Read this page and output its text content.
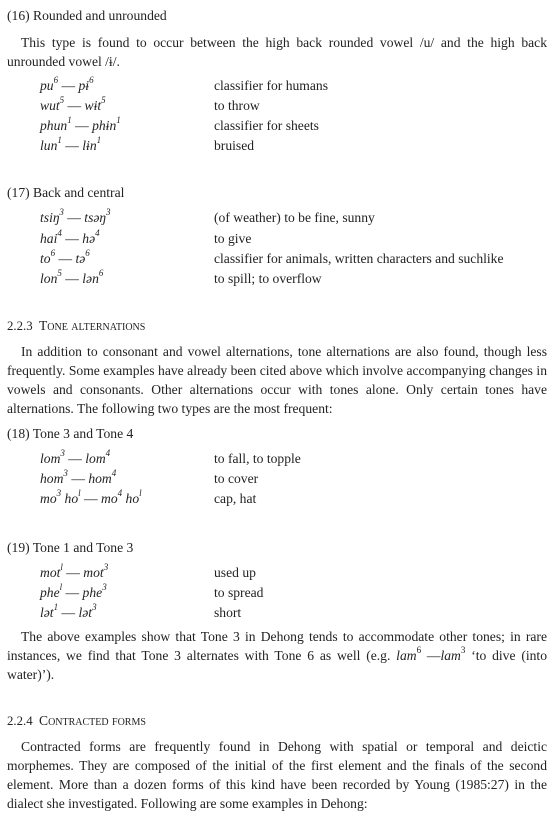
(16) Rounded and unrounded
This type is found to occur between the high back rounded vowel /u/ and the high back unrounded vowel /ɨ/.
$pu^6$ — pɨ$^6$	classifier for humans
wut$^5$ — wɨt$^5$	to throw
phun$^1$ — phɨn$^1$	classifier for sheets
lun$^1$ — lɨn$^1$	bruised
(17) Back and central
tsiŋ$^3$ — tsəŋ$^3$	(of weather) to be fine, sunny
hai$^4$ — hə$^4$	to give
$to^6$ — tə$^6$	classifier for animals, written characters and suchlike
lon$^5$ — lən$^6$	to spill; to overflow
2.2.3 Tone alternations
In addition to consonant and vowel alternations, tone alternations are also found, though less frequently. Some examples have already been cited above which involve accompanying changes in vowels and consonants. Other alternations occur with tones alone. Only certain tones have alternations. The following two types are the most frequent:
(18) Tone 3 and Tone 4
lom$^3$ — lom$^4$	to fall, to topple
hom$^3$ — hom$^4$	to cover
$mo^3$ $ho^l$ — $mo^4$ $ho^l$	cap, hat
(19) Tone 1 and Tone 3
mot$^l$ — mot$^3$	used up
phe$^l$ — phe$^3$	to spread
lət$^1$ — lət$^3$	short
The above examples show that Tone 3 in Dehong tends to accommodate other tones; in rare instances, we find that Tone 3 alternates with Tone 6 as well (e.g. lam$^6$ —lam$^3$ ‘to dive (into water)’).
2.2.4 Contracted forms
Contracted forms are frequently found in Dehong with spatial or temporal and deictic morphemes. They are composed of the initial of the first element and the finals of the second element. More than a dozen forms of this kind have been recorded by Young (1985:27) in the dialect she investigated. Following are some examples in Dehong:
